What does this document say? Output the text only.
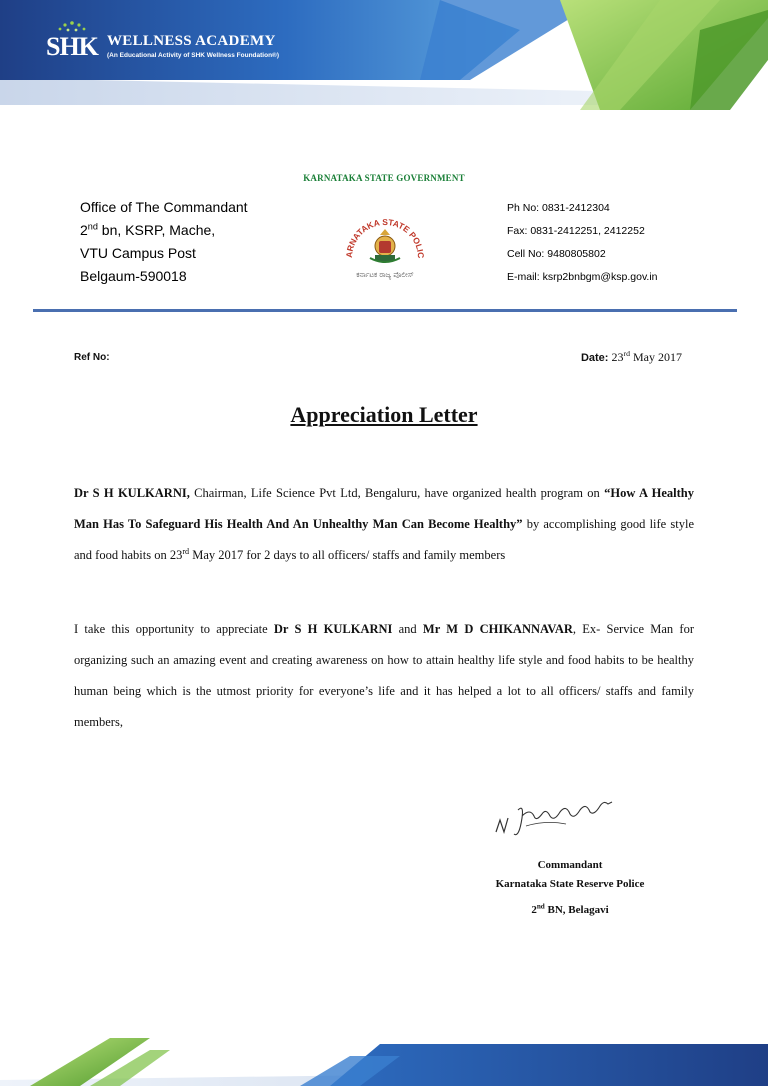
SHK WELLNESS ACADEMY
(An Educational Activity of SHK Wellness Foundation®)
KARNATAKA STATE GOVERNMENT
Office of The Commandant
2nd bn, KSRP, Mache,
VTU Campus Post
Belgaum-590018
ARNATAKA STATE POLIC
ಕರ್ನಾಟಕ ರಾಜ್ಯ ಪೊಲೀಸ್
Ph No: 0831-2412304
Fax: 0831-2412251, 2412252
Cell No: 9480805802
E-mail: ksrp2bnbgm@ksp.gov.in
Ref No:	Date: 23rd May 2017
Appreciation Letter
Dr S H KULKARNI, Chairman, Life Science Pvt Ltd, Bengaluru, have organized health program on “How A Healthy Man Has To Safeguard His Health And An Unhealthy Man Can Become Healthy” by accomplishing good life style and food habits on 23rd May 2017 for 2 days to all officers/ staffs and family members
I take this opportunity to appreciate Dr S H KULKARNI and Mr M D CHIKANNAVAR, Ex- Service Man for organizing such an amazing event and creating awareness on how to attain healthy life style and food habits to be healthy human being which is the utmost priority for everyone’s life and it has helped a lot to all officers/ staffs and family members,
Commandant
Karnataka State Reserve Police
2nd BN, Belagavi
